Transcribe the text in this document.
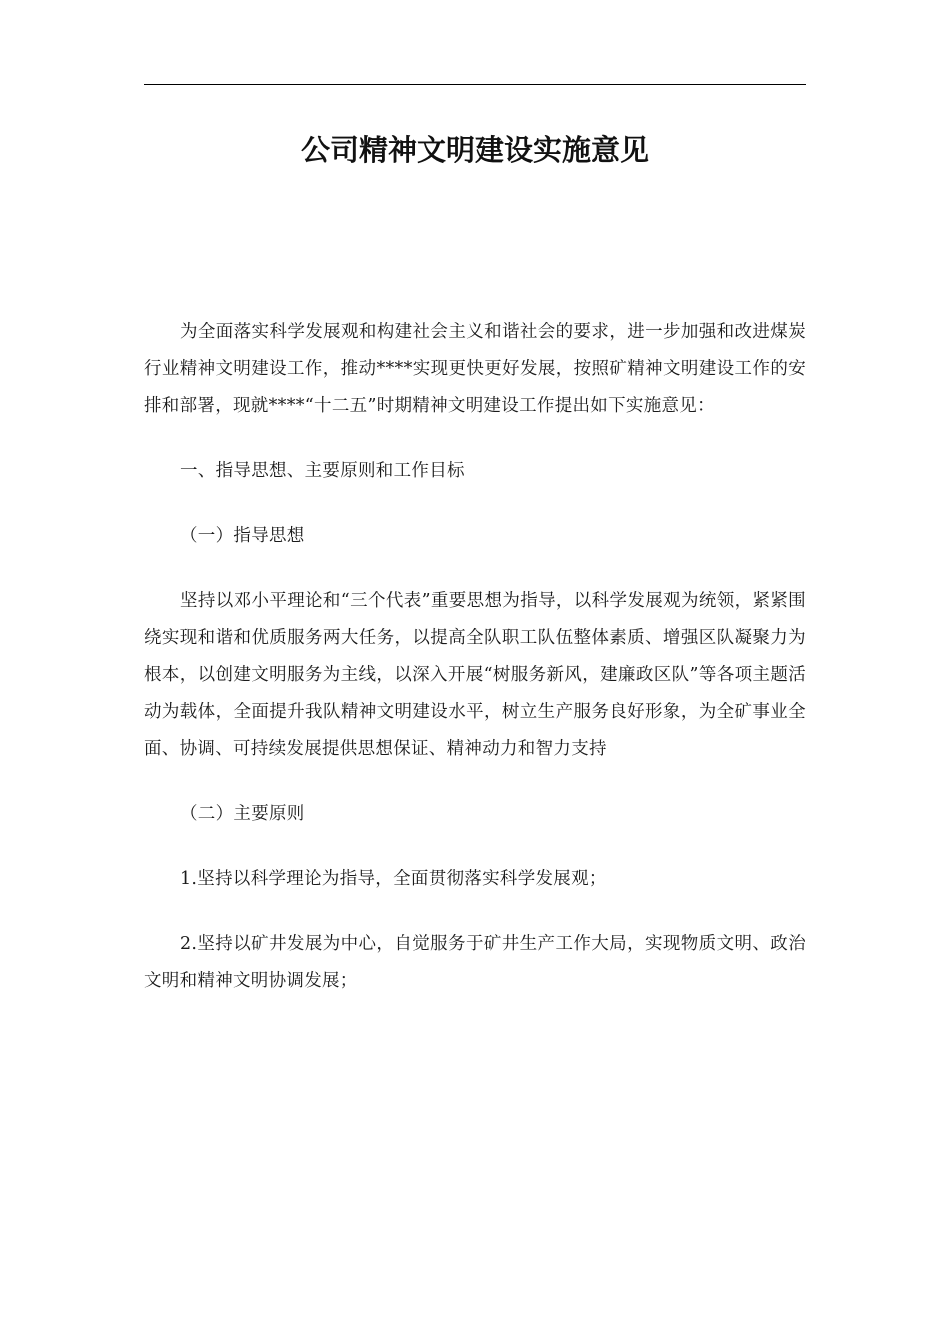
公司精神文明建设实施意见

为全面落实科学发展观和构建社会主义和谐社会的要求，进一步加强和改进煤炭行业精神文明建设工作，推动****实现更快更好发展，按照矿精神文明建设工作的安排和部署，现就****“十二五”时期精神文明建设工作提出如下实施意见：

一、指导思想、主要原则和工作目标

（一）指导思想

坚持以邓小平理论和“三个代表”重要思想为指导，以科学发展观为统领，紧紧围绕实现和谐和优质服务两大任务，以提高全队职工队伍整体素质、增强区队凝聚力为根本，以创建文明服务为主线，以深入开展“树服务新风，建廉政区队”等各项主题活动为载体，全面提升我队精神文明建设水平，树立生产服务良好形象，为全矿事业全面、协调、可持续发展提供思想保证、精神动力和智力支持

（二）主要原则

1.坚持以科学理论为指导，全面贯彻落实科学发展观；

2.坚持以矿井发展为中心，自觉服务于矿井生产工作大局，实现物质文明、政治文明和精神文明协调发展；
